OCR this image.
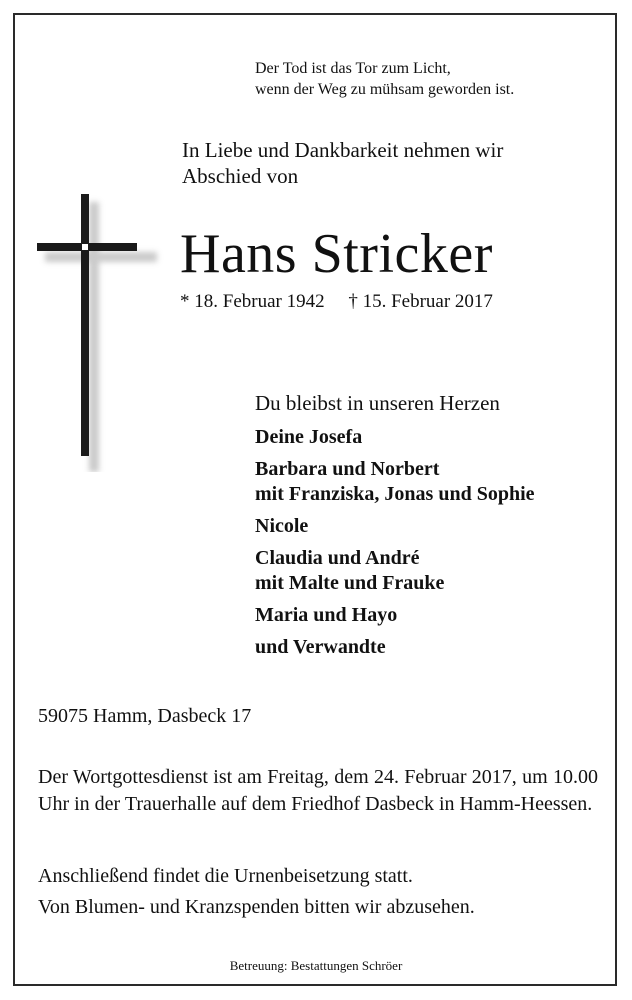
Der Tod ist das Tor zum Licht,
wenn der Weg zu mühsam geworden ist.
In Liebe und Dankbarkeit nehmen wir
Abschied von
Hans Stricker
* 18. Februar 1942     † 15. Februar 2017
Du bleibst in unseren Herzen
Deine Josefa
Barbara und Norbert
mit Franziska, Jonas und Sophie
Nicole
Claudia und André
mit Malte und Frauke
Maria und Hayo
und Verwandte
59075 Hamm, Dasbeck 17
Der Wortgottesdienst ist am Freitag, dem 24. Februar 2017, um 10.00 Uhr in der Trauerhalle auf dem Friedhof Dasbeck in Hamm-Heessen.
Anschließend findet die Urnenbeisetzung statt.
Von Blumen- und Kranzspenden bitten wir abzusehen.
Betreuung: Bestattungen Schröer
